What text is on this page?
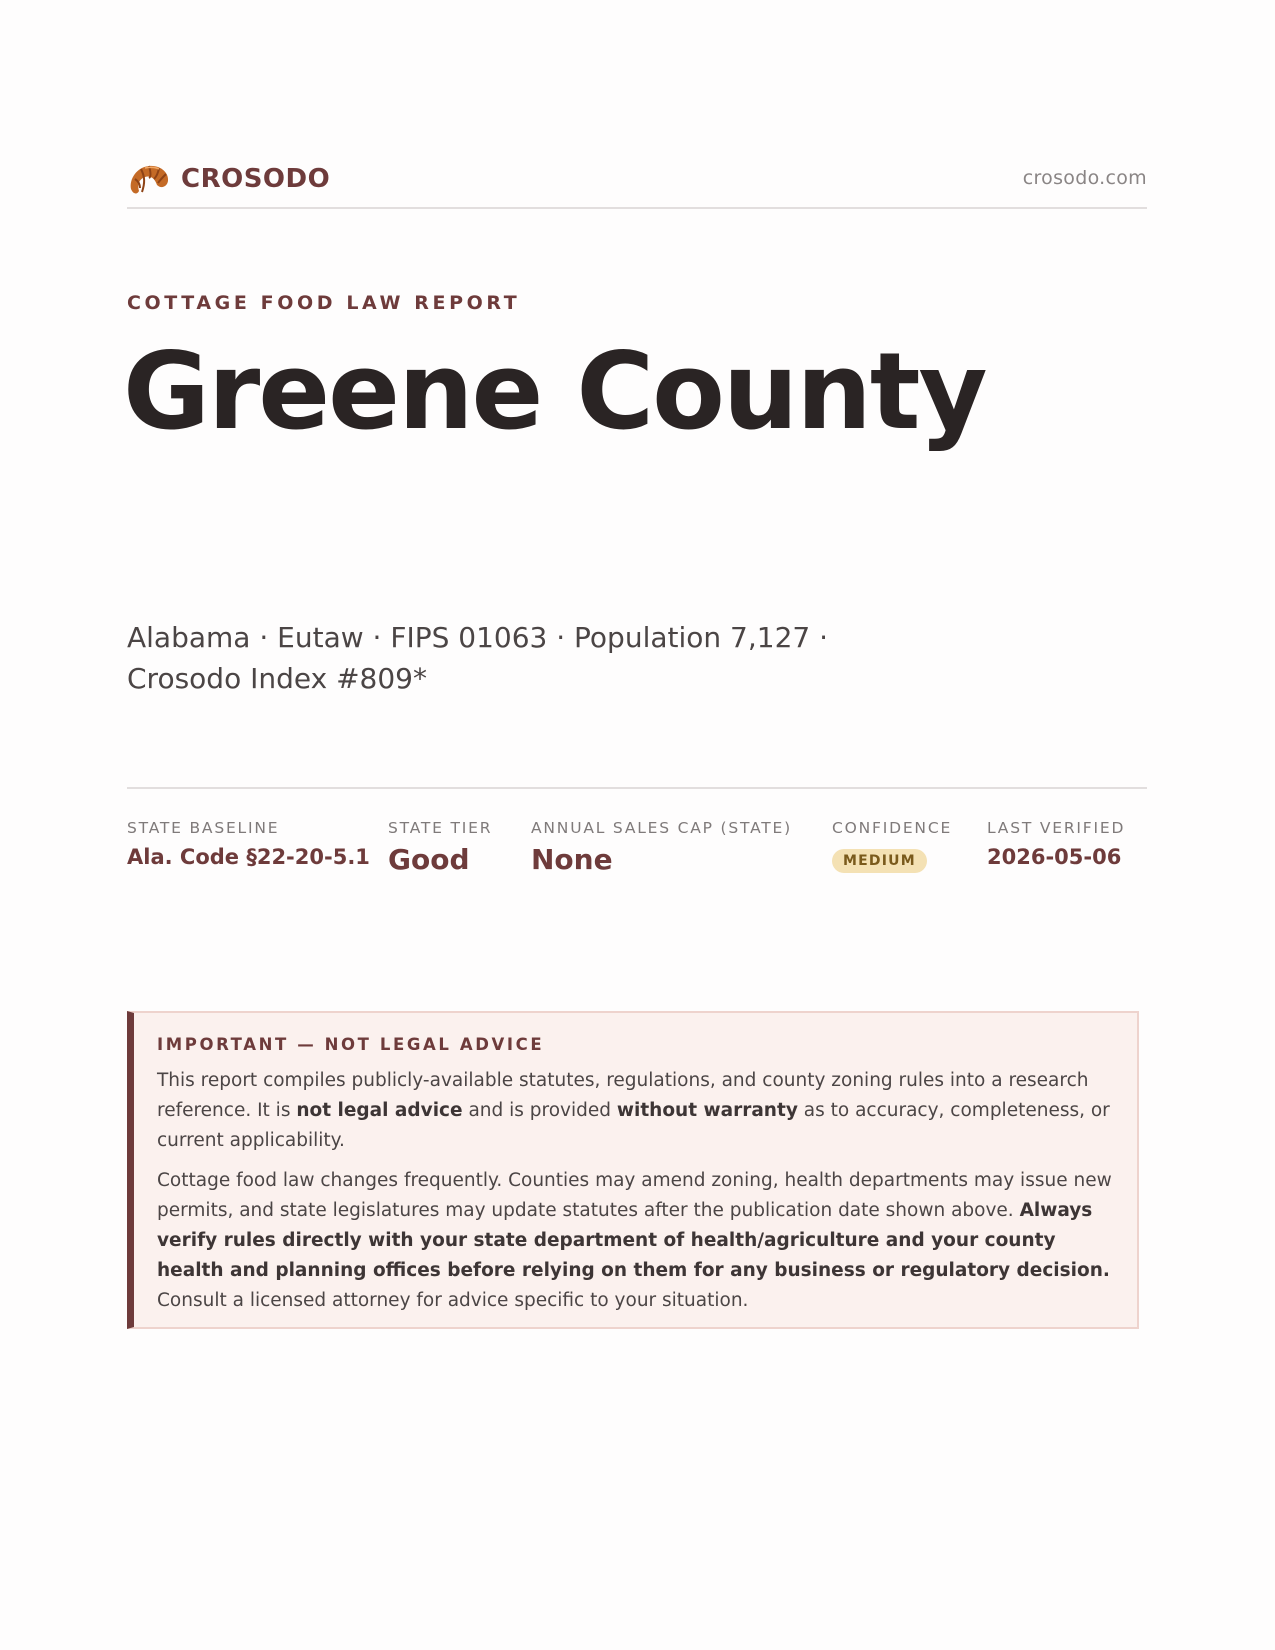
CROSODO	crosodo.com
COTTAGE FOOD LAW REPORT
Greene County
Alabama · Eutaw · FIPS 01063 · Population 7,127 · Crosodo Index #809*
STATE BASELINE
Ala. Code §22-20-5.1
STATE TIER
Good
ANNUAL SALES CAP (STATE)
None
CONFIDENCE
MEDIUM
LAST VERIFIED
2026-05-06
IMPORTANT — NOT LEGAL ADVICE

This report compiles publicly-available statutes, regulations, and county zoning rules into a research reference. It is not legal advice and is provided without warranty as to accuracy, completeness, or current applicability.

Cottage food law changes frequently. Counties may amend zoning, health departments may issue new permits, and state legislatures may update statutes after the publication date shown above. Always verify rules directly with your state department of health/agriculture and your county health and planning offices before relying on them for any business or regulatory decision. Consult a licensed attorney for advice specific to your situation.
